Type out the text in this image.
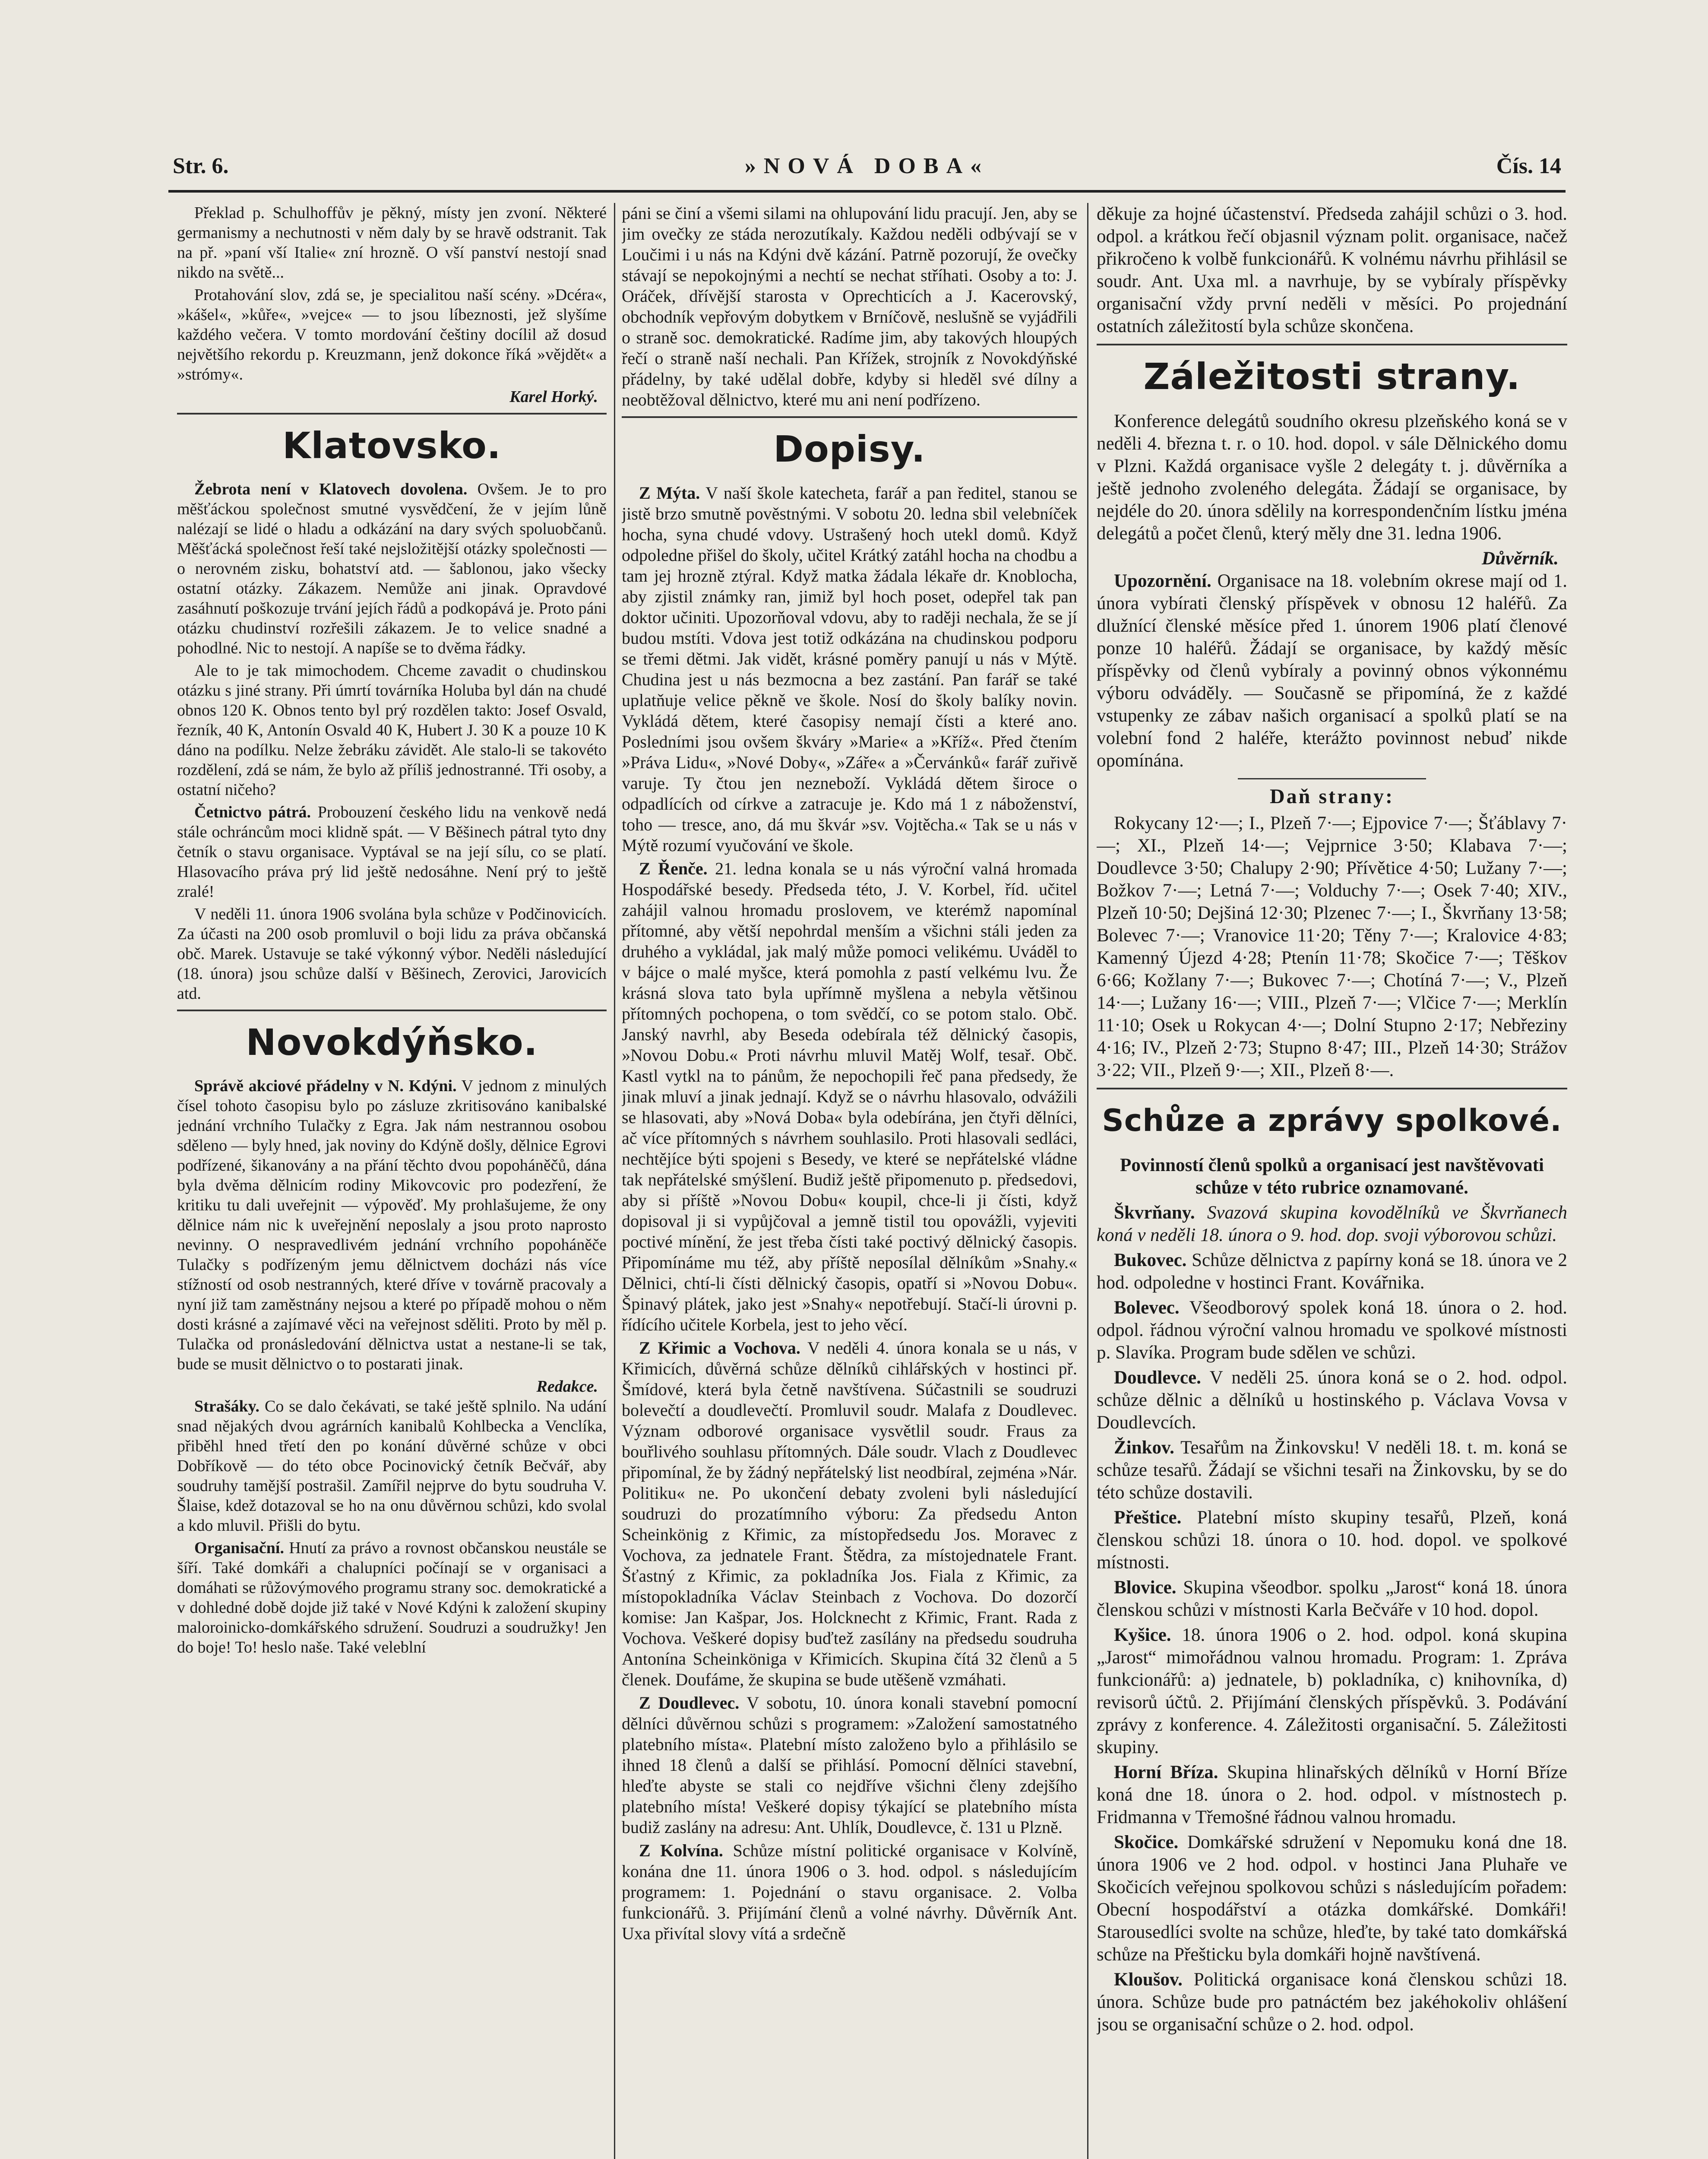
Str. 6.	»NOVÁ DOBA«	Čís. 14

Překlad p. Schulhoffův je pěkný, místy jen zvoní. Některé germanismy a nechutnosti v něm daly by se hravě odstranit. Tak na př. »paní vší Italie« zní hrozně. O vší panství nestojí snad nikdo na světě...

Protahování slov, zdá se, je specialitou naší scény. »Dcéra«, »kášel«, »kůře«, »vejce« — to jsou líbeznosti, jež slyšíme každého večera. V tomto mordování češtiny docílil až dosud největšího rekordu p. Kreuzmann, jenž dokonce říká »vějdět« a »strómy«.

Karel Horký.
Klatovsko.

Žebrota není v Klatovech dovolena. Ovšem. Je to pro měšťáckou společnost smutné vysvědčení, že v jejím lůně nalézají se lidé o hladu a odkázání na dary svých spoluobčanů. Měšťácká společnost řeší také nejsložitější otázky společnosti — o nerovném zisku, bohatství atd. — šablonou, jako všecky ostatní otázky. Zákazem. Nemůže ani jinak. Opravdové zasáhnutí poškozuje trvání jejích řádů a podkopává je. Proto páni otázku chudinství rozřešili zákazem. Je to velice snadné a pohodlné. Nic to nestojí. A napíše se to dvěma řádky.

Ale to je tak mimochodem. Chceme zavadit o chudinskou otázku s jiné strany. Při úmrtí továrníka Holuba byl dán na chudé obnos 120 K. Obnos tento byl prý rozdělen takto: Josef Osvald, řezník, 40 K, Antonín Osvald 40 K, Hubert J. 30 K a pouze 10 K dáno na podílku. Nelze žebráku závidět. Ale stalo-li se takovéto rozdělení, zdá se nám, že bylo až příliš jednostranné. Tři osoby, a ostatní ničeho?

Četnictvo pátrá. Probouzení českého lidu na venkově nedá stále ochráncům moci klidně spát. — V Běšinech pátral tyto dny četník o stavu organisace. Vyptával se na její sílu, co se platí. Hlasovacího práva prý lid ještě nedosáhne. Není prý to ještě zralé!

V neděli 11. února 1906 svolána byla schůze v Podčinovicích. Za účasti na 200 osob promluvil o boji lidu za práva občanská obč. Marek. Ustavuje se také výkonný výbor. Neděli následující (18. února) jsou schůze další v Běšinech, Zerovici, Jarovicích atd.

Novokdýňsko.

Správě akciové přádelny v N. Kdýni. V jednom z minulých čísel tohoto časopisu bylo po zásluze zkritisováno kanibalské jednání vrchního Tulačky z Egra. Jak nám nestrannou osobou sděleno — byly hned, jak noviny do Kdýně došly, dělnice Egrovi podřízené, šikanovány a na přání těchto dvou popoháněčů, dána byla dvěma dělnicím rodiny Mikovcovic pro podezření, že kritiku tu dali uveřejnit — výpověď. My prohlašujeme, že ony dělnice nám nic k uveřejnění neposlaly a jsou proto naprosto nevinny. O nespravedlivém jednání vrchního popoháněče Tulačky s podřízeným jemu dělnictvem docházi nás více stížností od osob nestranných, které dříve v továrně pracovaly a nyní již tam zaměstnány nejsou a které po případě mohou o něm dosti krásné a zajímavé věci na veřejnost sděliti. Proto by měl p. Tulačka od pronásledování dělnictva ustat a nestane-li se tak, bude se musit dělnictvo o to postarati jinak.

Redakce.

Strašáky. Co se dalo čekávati, se také ještě splnilo. Na udání snad nějakých dvou agrárních kanibalů Kohlbecka a Venclíka, přiběhl hned třetí den po konání důvěrné schůze v obci Dobříkově — do této obce Pocinovický četník Bečvář, aby soudruhy tamější postrašil. Zamířil nejprve do bytu soudruha V. Šlaise, kdež dotazoval se ho na onu důvěrnou schůzi, kdo svolal a kdo mluvil. Přišli do bytu.

Organisační. Hnutí za právo a rovnost občanskou neustále se šíří. Také domkáři a chalupníci počínají se v organisaci a domáhati se růžovýmového programu strany soc. demokratické a v dohledné době dojde již také v Nové Kdýni k založení skupiny maloroinicko-domkářského sdružení. Soudruzi a soudružky! Jen do boje! To! heslo naše. Také veleblní

páni se činí a všemi silami na ohlupování lidu pracují. Jen, aby se jim ovečky ze stáda nerozutíkaly. Každou neděli odbývají se v Loučimi i u nás na Kdýni dvě kázání. Patrně pozorují, že ovečky stávají se nepokojnými a nechtí se nechat stříhati. Osoby a to: J. Oráček, dřívější starosta v Oprechticích a J. Kacerovský, obchodník vepřovým dobytkem v Brníčově, neslušně se vyjádřili o straně soc. demokratické. Radíme jim, aby takových hloupých řečí o straně naší nechali. Pan Křížek, strojník z Novokdýňské přádelny, by také udělal dobře, kdyby si hleděl své dílny a neobtěžoval dělnictvo, které mu ani není podřízeno.

Dopisy.

Z Mýta. V naší škole katecheta, farář a pan ředitel, stanou se jistě brzo smutně pověstnými. V sobotu 20. ledna sbil velebníček hocha, syna chudé vdovy. Ustrašený hoch utekl domů. Když odpoledne přišel do školy, učitel Krátký zatáhl hocha na chodbu a tam jej hrozně ztýral. Když matka žádala lékaře dr. Knoblocha, aby zjistil známky ran, jimiž byl hoch poset, odepřel tak pan doktor učiniti. Upozorňoval vdovu, aby to raději nechala, že se jí budou mstíti. Vdova jest totiž odkázána na chudinskou podporu se třemi dětmi. Jak vidět, krásné poměry panují u nás v Mýtě. Chudina jest u nás bezmocna a bez zastání. Pan farář se také uplatňuje velice pěkně ve škole. Nosí do školy balíky novin. Vykládá dětem, které časopisy nemají čísti a které ano. Posledními jsou ovšem škváry »Marie« a »Kříž«. Před čtením »Práva Lidu«, »Nové Doby«, »Záře« a »Červánků« farář zuřivě varuje. Ty čtou jen nezneboží. Vykládá dětem široce o odpadlících od církve a zatracuje je. Kdo má 1 z náboženství, toho — tresce, ano, dá mu škvár »sv. Vojtěcha.« Tak se u nás v Mýtě rozumí vyučování ve škole.

Z Řenče. 21. ledna konala se u nás výroční valná hromada Hospodářské besedy. Předseda této, J. V. Korbel, říd. učitel zahájil valnou hromadu proslovem, ve kterémž napomínal přítomné, aby větší nepohrdal menším a všichni stáli jeden za druhého a vykládal, jak malý může pomoci velikému. Uváděl to v bájce o malé myšce, která pomohla z pastí velkému lvu. Že krásná slova tato byla upřímně myšlena a nebyla většinou přítomných pochopena, o tom svědčí, co se potom stalo. Obč. Janský navrhl, aby Beseda odebírala též dělnický časopis, »Novou Dobu.« Proti návrhu mluvil Matěj Wolf, tesař. Obč. Kastl vytkl na to pánům, že nepochopili řeč pana předsedy, že jinak mluví a jinak jednají. Když se o návrhu hlasovalo, odvážili se hlasovati, aby »Nová Doba« byla odebírána, jen čtyři dělníci, ač více přítomných s návrhem souhlasilo. Proti hlasovali sedláci, nechtějíce býti spojeni s Besedy, ve které se nepřátelské vládne tak nepřátelské smýšlení. Budiž ještě připomenuto p. předsedovi, aby si příště »Novou Dobu« koupil, chce-li ji čísti, když dopisoval ji si vypůjčoval a jemně tistil tou opovážli, vyjeviti poctivé mínění, že jest třeba čísti také poctivý dělnický časopis. Připomínáme mu též, aby příště neposílal dělníkům »Snahy.« Dělnici, chtí-li čísti dělnický časopis, opatří si »Novou Dobu«. Špinavý plátek, jako jest »Snahy« nepotřebují. Stačí-li úrovni p. řídícího učitele Korbela, jest to jeho věcí.

Z Křimic a Vochova. V neděli 4. února konala se u nás, v Křimicích, důvěrná schůze dělníků cihlářských v hostinci př. Šmídové, která byla četně navštívena. Súčastnili se soudruzi bolevečtí a doudlevečtí. Promluvil soudr. Malafa z Doudlevec. Význam odborové organisace vysvětlil soudr. Fraus za bouřlivého souhlasu přítomných. Dále soudr. Vlach z Doudlevec připomínal, že by žádný nepřátelský list neodbíral, zejména »Nár. Politiku« ne. Po ukončení debaty zvoleni byli následující soudruzi do prozatímního výboru: Za předsedu Anton Scheinkönig z Křimic, za místopředsedu Jos. Moravec z Vochova, za jednatele Frant. Štědra, za místojednatele Frant. Šťastný z Křimic, za pokladníka Jos. Fiala z Křimic, za místopokladníka Václav Steinbach z Vochova. Do dozorčí komise: Jan Kašpar, Jos. Holcknecht z Křimic, Frant. Rada z Vochova. Veškeré dopisy buďtež zasílány na předsedu soudruha Antonína Scheinköniga v Křimicích. Skupina čítá 32 členů a 5 členek. Doufáme, že skupina se bude utěšeně vzmáhati.

Z Doudlevec. V sobotu, 10. února konali stavební pomocní dělníci důvěrnou schůzi s programem: »Založení samostatného platebního místa«. Platební místo založeno bylo a přihlásilo se ihned 18 členů a další se přihlásí. Pomocní dělníci stavební, hleďte abyste se stali co nejdříve všichni členy zdejšího platebního místa! Veškeré dopisy týkající se platebního místa budiž zaslány na adresu: Ant. Uhlík, Doudlevce, č. 131 u Plzně.

Z Kolvína. Schůze místní politické organisace v Kolvíně, konána dne 11. února 1906 o 3. hod. odpol. s následujícím programem: 1. Pojednání o stavu organisace. 2. Volba funkcionářů. 3. Přijímání členů a volné návrhy. Důvěrník Ant. Uxa přivítal slovy vítá a srdečně

děkuje za hojné účastenství. Předseda zahájil schůzi o 3. hod. odpol. a krátkou řečí objasnil význam polit. organisace, načež přikročeno k volbě funkcionářů. K volnému návrhu přihlásil se soudr. Ant. Uxa ml. a navrhuje, by se vybíraly příspěvky organisační vždy první neděli v měsíci. Po projednání ostatních záležitostí byla schůze skončena.

Záležitosti strany.

Konference delegátů soudního okresu plzeňského koná se v neděli 4. března t. r. o 10. hod. dopol. v sále Dělnického domu v Plzni. Každá organisace vyšle 2 delegáty t. j. důvěrníka a ještě jednoho zvoleného delegáta. Žádají se organisace, by nejdéle do 20. února sdělily na korrespondenčním lístku jména delegátů a počet členů, který měly dne 31. ledna 1906.

Důvěrník.

Upozornění. Organisace na 18. volebním okrese mají od 1. února vybírati členský příspěvek v obnosu 12 haléřů. Za dlužnící členské měsíce před 1. únorem 1906 platí členové ponze 10 haléřů. Žádají se organisace, by každý měsíc příspěvky od členů vybíraly a povinný obnos výkonnému výboru odváděly. — Současně se připomíná, že z každé vstupenky ze zábav našich organisací a spolků platí se na volební fond 2 haléře, kterážto povinnost nebuď nikde opomínána.

Daň strany:

Rokycany 12·—; I., Plzeň 7·—; Ejpovice 7·—; Šťáblavy 7·—; XI., Plzeň 14·—; Vejprnice 3·50; Klabava 7·—; Doudlevce 3·50; Chalupy 2·90; Přívětice 4·50; Lužany 7·—; Božkov 7·—; Letná 7·—; Volduchy 7·—; Osek 7·40; XIV., Plzeň 10·50; Dejšiná 12·30; Plzenec 7·—; I., Škvrňany 13·58; Bolevec 7·—; Vranovice 11·20; Těny 7·—; Kralovice 4·83; Kamenný Újezd 4·28; Ptenín 11·78; Skočice 7·—; Těškov 6·66; Kožlany 7·—; Bukovec 7·—; Chotíná 7·—; V., Plzeň 14·—; Lužany 16·—; VIII., Plzeň 7·—; Vlčice 7·—; Merklín 11·10; Osek u Rokycan 4·—; Dolní Stupno 2·17; Nebřeziny 4·16; IV., Plzeň 2·73; Stupno 8·47; III., Plzeň 14·30; Strážov 3·22; VII., Plzeň 9·—; XII., Plzeň 8·—.

Schůze a zprávy spolkové.

Povinností členů spolků a organisací jest navštěvovati schůze v této rubrice oznamované.

Škvrňany. Svazová skupina kovodělníků ve Škvrňanech koná v neděli 18. února o 9. hod. dop. svoji výborovou schůzi.

Bukovec. Schůze dělnictva z papírny koná se 18. února ve 2 hod. odpoledne v hostinci Frant. Kovářnika.

Bolevec. Všeodborový spolek koná 18. února o 2. hod. odpol. řádnou výroční valnou hromadu ve spolkové místnosti p. Slavíka. Program bude sdělen ve schůzi.

Doudlevce. V neděli 25. února koná se o 2. hod. odpol. schůze dělnic a dělníků u hostinského p. Václava Vovsa v Doudlevcích.

Žinkov. Tesařům na Žinkovsku! V neděli 18. t. m. koná se schůze tesařů. Žádají se všichni tesaři na Žinkovsku, by se do této schůze dostavili.

Přeštice. Platební místo skupiny tesařů, Plzeň, koná členskou schůzi 18. února o 10. hod. dopol. ve spolkové místnosti.

Blovice. Skupina všeodbor. spolku „Jarost“ koná 18. února členskou schůzi v místnosti Karla Bečváře v 10 hod. dopol.

Kyšice. 18. února 1906 o 2. hod. odpol. koná skupina „Jarost“ mimořádnou valnou hromadu. Program: 1. Zpráva funkcionářů: a) jednatele, b) pokladníka, c) knihovníka, d) revisorů účtů. 2. Přijímání členských příspěvků. 3. Podávání zprávy z konference. 4. Záležitosti organisační. 5. Záležitosti skupiny.

Horní Bříza. Skupina hlinařských dělníků v Horní Bříze koná dne 18. února o 2. hod. odpol. v místnostech p. Fridmanna v Třemošné řádnou valnou hromadu.

Skočice. Domkářské sdružení v Nepomuku koná dne 18. února 1906 ve 2 hod. odpol. v hostinci Jana Pluhaře ve Skočicích veřejnou spolkovou schůzi s následujícím pořadem: Obecní hospodářství a otázka domkářské. Domkáři! Starousedlíci svolte na schůze, hleďte, by také tato domkářská schůze na Přešticku byla domkáři hojně navštívená.

Kloušov. Politická organisace koná členskou schůzi 18. února. Schůze bude pro patnáctém bez jakéhokoliv ohlášení jsou se organisační schůze o 2. hod. odpol.
